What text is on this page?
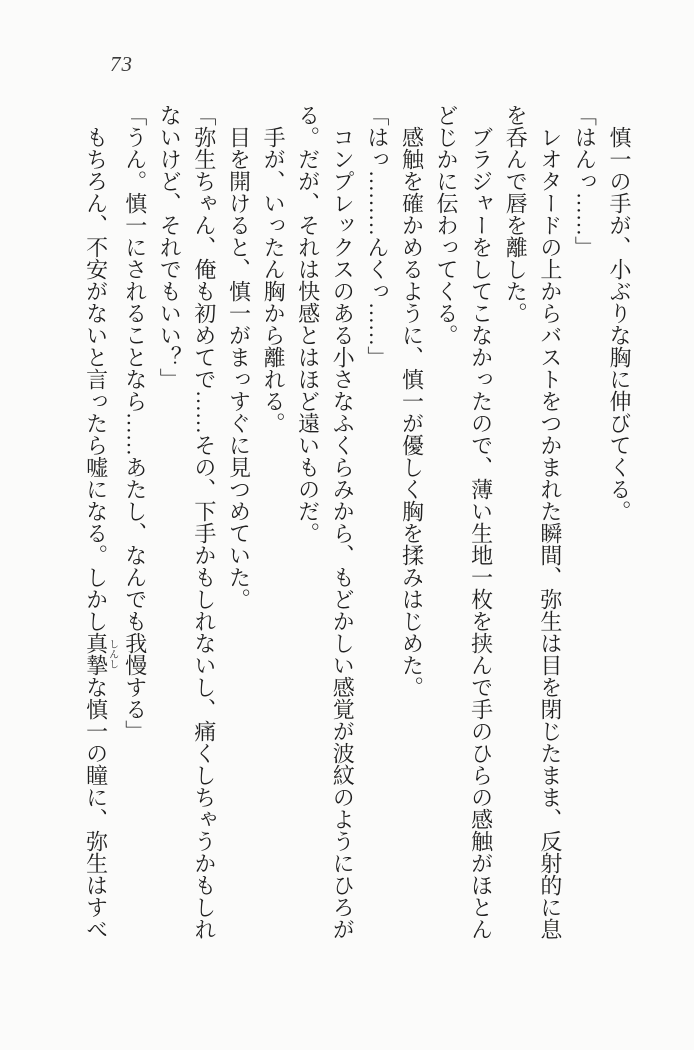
73

慎一の手が、小ぶりな胸に伸びてくる。

「はんっ……」

レオタードの上からバストをつかまれた瞬間、弥生は目を閉じたまま、反射的に息を呑んで唇を離した。

ブラジャーをしてこなかったので、薄い生地一枚を挟んで手のひらの感触がほとんどじかに伝わってくる。

感触を確かめるように、慎一が優しく胸を揉みはじめた。

「はっ………んくっ……」

コンプレックスのある小さなふくらみから、もどかしい感覚が波紋のようにひろがる。だが、それは快感とはほど遠いものだ。

手が、いったん胸から離れる。

目を開けると、慎一がまっすぐに見つめていた。

「弥生ちゃん、俺も初めてで……その、下手かもしれないし、痛くしちゃうかもしれないけど、それでもいい？」

「うん。慎一にされることなら……あたし、なんでも我慢する」

もちろん、不安がないと言ったら嘘になる。しかし真摯しんしな慎一の瞳に、弥生はすべ
